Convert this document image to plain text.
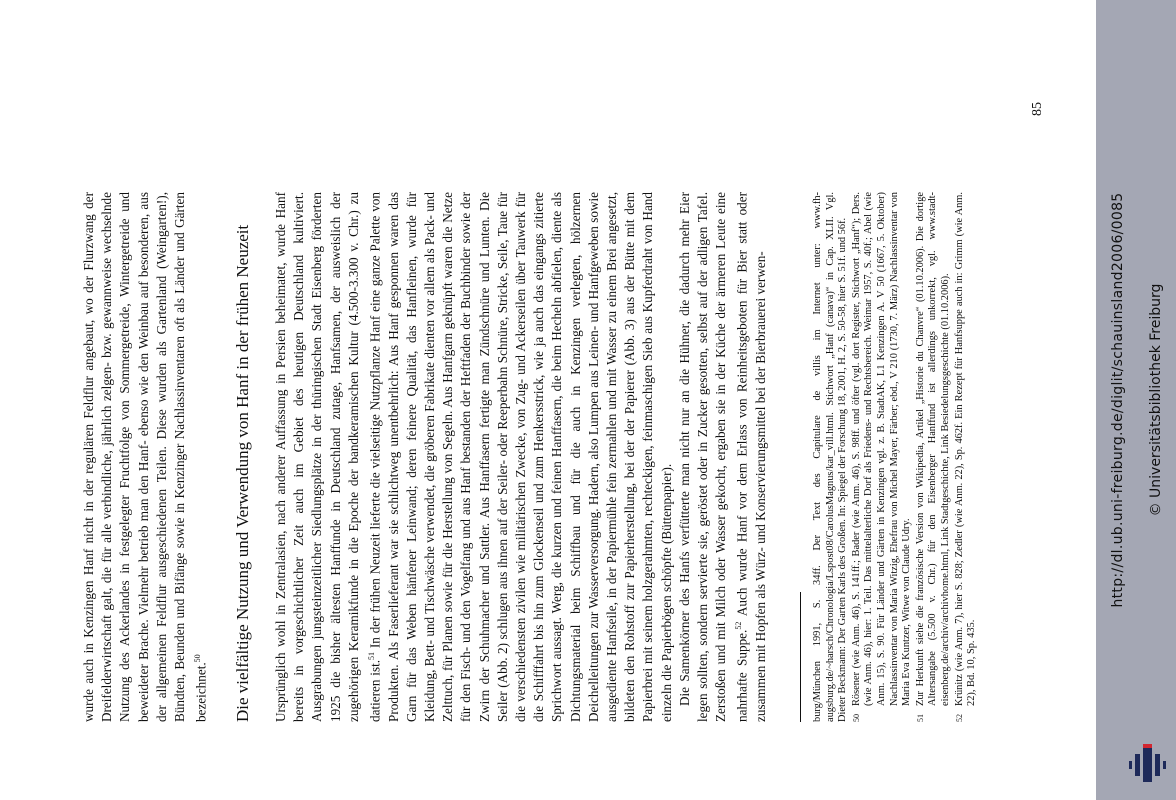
wurde auch in Kenzingen Hanf nicht in der regulären Feldflur angebaut, wo der Flurzwang der Dreifelderwirtschaft galt, die für alle verbindliche, jährlich zelgen- bzw. gewannweise wechselnde Nutzung des Ackerlandes in festgelegter Fruchtfolge von Sommergetreide, Wintergetreide und beweideter Brache. Vielmehr betrieb man den Hanf- ebenso wie den Weinbau auf besonderen, aus der allgemeinen Feldflur ausgeschiedenen Teilen. Diese wurden als Gartenland (Weingarten!), Bündten, Beunden und Bifänge sowie in Kenzinger Nachlassinventaren oft als Länder und Gärten bezeichnet.$^{50}$	Die vielfältige Nutzung und Verwendung von Hanf in der frühen Neuzeit Ursprünglich wohl in Zentralasien, nach anderer Auffassung in Persien beheimatet, wurde Hanf bereits in vorgeschichtlicher Zeit auch im Gebiet des heutigen Deutschland kultiviert. Ausgrabungen jungsteinzeitlicher Siedlungsplätze in der thüringischen Stadt Eisenberg förderten 1925 die bisher ältesten Hanffunde in Deutschland zutage, Hanfsamen, der ausweislich der zugehörigen Keramikfunde in die Epoche der bandkeramischen Kultur (4.500-3.300 v. Chr.) zu datieren ist.$^{51}$ In der frühen Neuzeit lieferte die vielseitige Nutzpflanze Hanf eine ganze Palette von Produkten. Als Faserlieferant war sie schlichtweg unentbehrlich: Aus Hanf gesponnen waren das Garn für das Weben hänfener Leinwand; deren feinere Qualität, das Hanfleinen, wurde für Kleidung, Bett- und Tischwäsche verwendet, die gröberen Fabrikate dienten vor allem als Pack- und Zelttuch, für Planen sowie für die Herstellung von Segeln. Aus Hanfgarn geknüpft waren die Netze für den Fisch- und den Vogelfang und aus Hanf bestanden der Heftfaden der Buchbinder sowie der Zwirn der Schuhmacher und Sattler. Aus Hanffasern fertigte man Zündschnüre und Lunten. Die Seiler (Abb. 2) schlugen aus ihnen auf der Seiler- oder Reeperbahn Schnüre, Stricke, Seile, Taue für die verschiedensten zivilen wie militärischen Zwecke, von Zug- und Ackerseilen über Tauwerk für die Schifffahrt bis hin zum Glockenseil und zum Henkersstrick, wie ja auch das eingangs zitierte Sprichwort aussagt. Werg, die kurzen und feinen Hanffasern, die beim Hecheln abfielen, diente als Dichtungsmaterial beim Schiffbau und für die auch in Kenzingen verlegten, hölzernen Deichelleitungen zur Wasserversorgung. Hadern, also Lumpen aus Leinen- und Hanfgeweben sowie ausgediente Hanfseile, in der Papiermühle fein zermahlen und mit Wasser zu einem Brei angesetzt, bildeten den Rohstoff zur Papierherstellung, bei der der Papierer (Abb. 3) aus der Bütte mit dem Papierbrei mit seinem holzgerahmten, rechteckigen, feinmaschigen Sieb aus Kupferdraht von Hand einzeln die Papierbögen schöpfte (Büttenpapier). Die Samenkörner des Hanfs verfütterte man nicht nur an die Hühner, die dadurch mehr Eier legen sollten, sondern servierte sie, geröstet oder in Zucker gesotten, selbst auf der adligen Tafel. Zerstoßen und mit Milch oder Wasser gekocht, ergaben sie in der Küche der ärmeren Leute eine nahrhafte Suppe.$^{52}$ Auch wurde Hanf vor dem Erlass von Reinheitsgeboten für Bier statt oder zusammen mit Hopfen als Würz- und Konservierungsmittel bei der Bierbrauerei verwen-	burg/München 1991, S. 34ff. Der Text des Capitulare de villis im Internet unter: www.fh-augsburg.de/~harsch/Chronologia/Lspost08/CarolusMagnus/kar_vill.html. Stichwort „Hanf (canava)“ in Cap. XLII. Vgl. Dieter Beckmann: Der Garten Karls des Großen. In: Spiegel der Forschung 18, 2001, H. 2, S. 50-58, hier S. 51f. und 56f. 50
Rösener (wie Anm. 46), S. 141ff.; Bader (wie Anm. 46), S. 98ff. und öfter (vgl. dort Register, Stichwort „Hanf“); Ders. (wie Anm. 46), hier: 1. Teil. Das mittelalterliche Dorf als Friedens- und Rechtsbereich. Weimar 1957, S. 40f.; Abel (wie Anm. 15), S. 90. Für Länder und Gärten in Kenzingen vgl. z. B. StadtAK, L1 Kenzingen A. V 50 (1667, 5. Oktober) Nachlassinventar von Maria Witzig, Ehefrau von Michel Mayer, Färber; ebd., V 210 (1730, 7. März) Nachlassinventar von Maria Eva Kuntzer, Witwe von Claude Udry.

51
Zur Herkunft siehe die französische Version von Wikipedia, Artikel „Historie du Chanvre“ (01.10.2006). Die dortige Altersangabe (5.500 v. Chr.) für den Eisenberger Hanffund ist allerdings unkorrekt, vgl. www.stadt-eisenberg.de/archiv/archivhome.html, Link Stadtgeschichte, Link Besiedelungsgeschichte (01.10.2006).

52
Krünitz (wie Anm. 7), hier S. 828; Zedler (wie Anm. 22), Sp. 462f. Ein Rezept für Hanfsuppe auch in: Grimm (wie Anm. 22), Bd. 10, Sp. 435.

85
http://dl.ub.uni-freiburg.de/diglit/schauinsland2006/0085 © Universitätsbibliothek Freiburg
